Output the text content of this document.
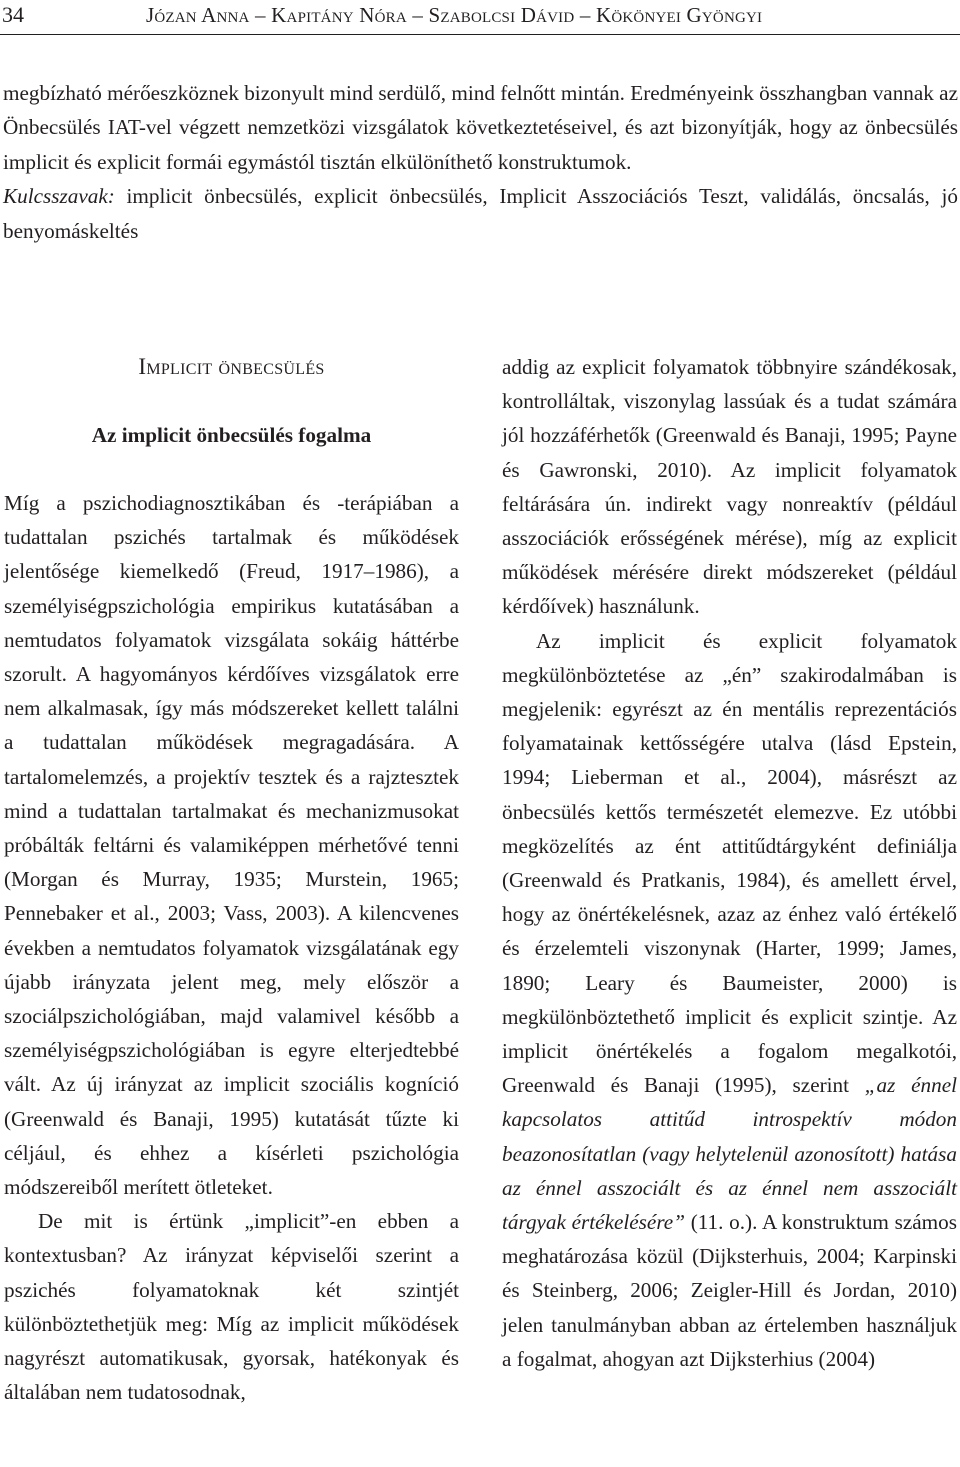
34	Józan Anna – Kapitány Nóra – Szabolcsi Dávid – Kökönyei Gyöngyi

megbízható mérőeszköznek bizonyult mind serdülő, mind felnőtt mintán. Eredményeink összhangban vannak az Önbecsülés IAT-vel végzett nemzetközi vizsgálatok következtetéseivel, és azt bizonyítják, hogy az önbecsülés implicit és explicit formái egymástól tisztán elkülöníthető konstruktumok.

Kulcsszavak: implicit önbecsülés, explicit önbecsülés, Implicit Asszociációs Teszt, validálás, öncsalás, jó benyomáskeltés

Implicit önbecsülés
Az implicit önbecsülés fogalma

Míg a pszichodiagnosztikában és -terápiában a tudattalan pszichés tartalmak és működések jelentősége kiemelkedő (Freud, 1917–1986), a személyiségpszichológia empirikus kutatásában a nemtudatos folyamatok vizsgálata sokáig háttérbe szorult. A hagyományos kérdőíves vizsgálatok erre nem alkalmasak, így más módszereket kellett találni a tudattalan működések megragadására. A tartalomelemzés, a projektív tesztek és a rajztesztek mind a tudattalan tartalmakat és mechanizmusokat próbálták feltárni és valamiképpen mérhetővé tenni (Morgan és Murray, 1935; Murstein, 1965; Pennebaker et al., 2003; Vass, 2003). A kilencvenes években a nemtudatos folyamatok vizsgálatának egy újabb irányzata jelent meg, mely először a szociálpszichológiában, majd valamivel később a személyiségpszichológiában is egyre elterjedtebbé vált. Az új irányzat az implicit szociális kogníció (Greenwald és Banaji, 1995) kutatását tűzte ki céljául, és ehhez a kísérleti pszichológia módszereiből merített ötleteket.

De mit is értünk „implicit”-en ebben a kontextusban? Az irányzat képviselői szerint a pszichés folyamatoknak két szintjét különböztethetjük meg: Míg az implicit működések nagyrészt automatikusak, gyorsak, hatékonyak és általában nem tudatosodnak,

addig az explicit folyamatok többnyire szándékosak, kontrolláltak, viszonylag lassúak és a tudat számára jól hozzáférhetők (Greenwald és Banaji, 1995; Payne és Gawronski, 2010). Az implicit folyamatok feltárására ún. indirekt vagy nonreaktív (például asszociációk erősségének mérése), míg az explicit működések mérésére direkt módszereket (például kérdőívek) használunk.

Az implicit és explicit folyamatok megkülönböztetése az „én” szakirodalmában is megjelenik: egyrészt az én mentális reprezentációs folyamatainak kettősségére utalva (lásd Epstein, 1994; Lieberman et al., 2004), másrészt az önbecsülés kettős természetét elemezve. Ez utóbbi megközelítés az ént attitűdtárgyként definiálja (Greenwald és Pratkanis, 1984), és amellett érvel, hogy az önértékelésnek, azaz az énhez való értékelő és érzelemteli viszonynak (Harter, 1999; James, 1890; Leary és Baumeister, 2000) is megkülönböztethető implicit és explicit szintje. Az implicit önértékelés a fogalom megalkotói, Greenwald és Banaji (1995), szerint „az énnel kapcsolatos attitűd introspektív módon beazonosítatlan (vagy helytelenül azonosított) hatása az énnel asszociált és az énnel nem asszociált tárgyak értékelésére” (11. o.). A konstruktum számos meghatározása közül (Dijksterhuis, 2004; Karpinski és Steinberg, 2006; Zeigler-Hill és Jordan, 2010) jelen tanulmányban abban az értelemben használjuk a fogalmat, ahogyan azt Dijksterhius (2004)
